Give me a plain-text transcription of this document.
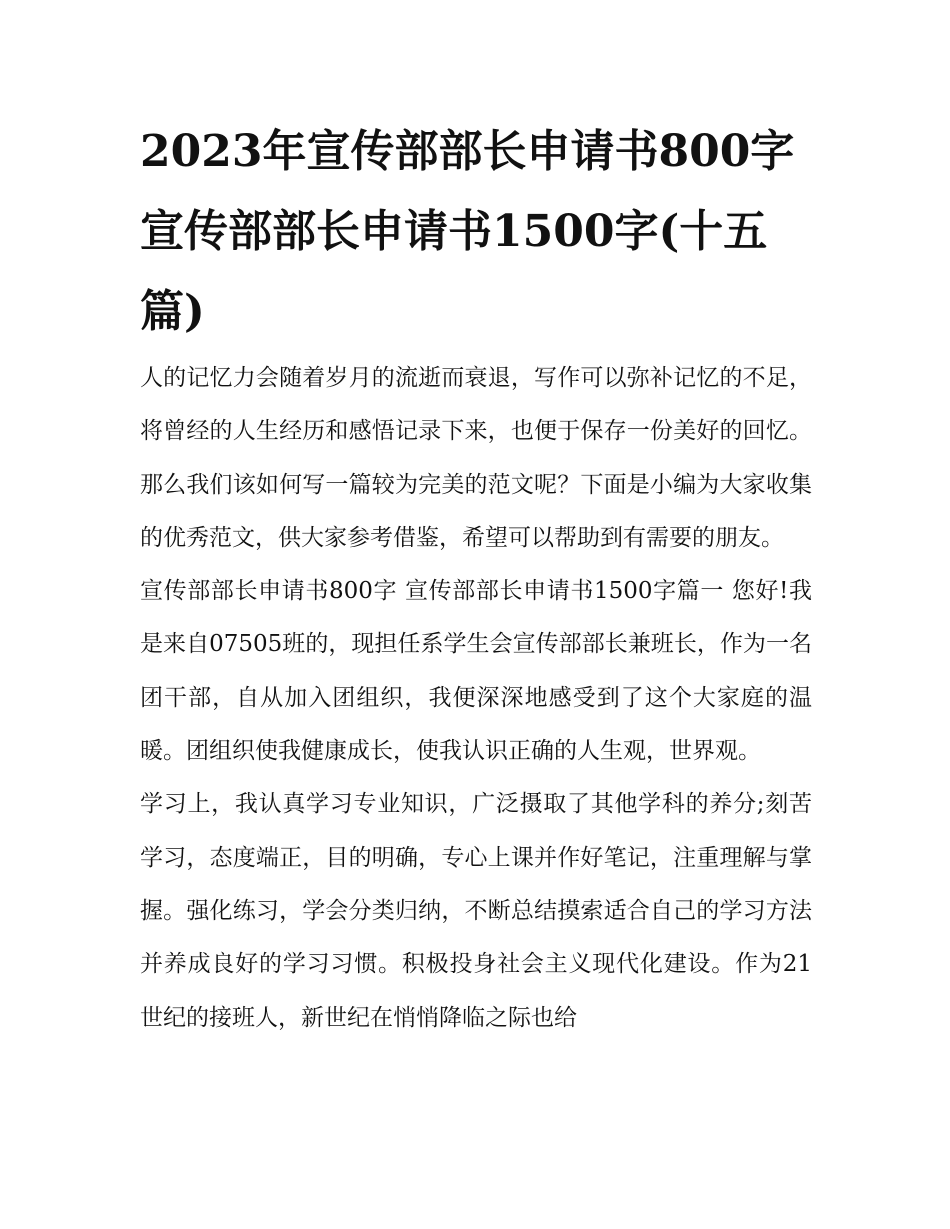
2023年宣传部部长申请书800字 宣传部部长申请书1500字(十五篇)

人的记忆力会随着岁月的流逝而衰退，写作可以弥补记忆的不足，将曾经的人生经历和感悟记录下来，也便于保存一份美好的回忆。那么我们该如何写一篇较为完美的范文呢？下面是小编为大家收集的优秀范文，供大家参考借鉴，希望可以帮助到有需要的朋友。

宣传部部长申请书800字 宣传部部长申请书1500字篇一 您好!我是来自07505班的，现担任系学生会宣传部部长兼班长，作为一名团干部，自从加入团组织，我便深深地感受到了这个大家庭的温暖。团组织使我健康成长，使我认识正确的人生观，世界观。

学习上，我认真学习专业知识，广泛摄取了其他学科的养分;刻苦学习，态度端正，目的明确，专心上课并作好笔记，注重理解与掌握。强化练习，学会分类归纳，不断总结摸索适合自己的学习方法并养成良好的学习习惯。积极投身社会主义现代化建设。作为21世纪的接班人，新世纪在悄悄降临之际也给
